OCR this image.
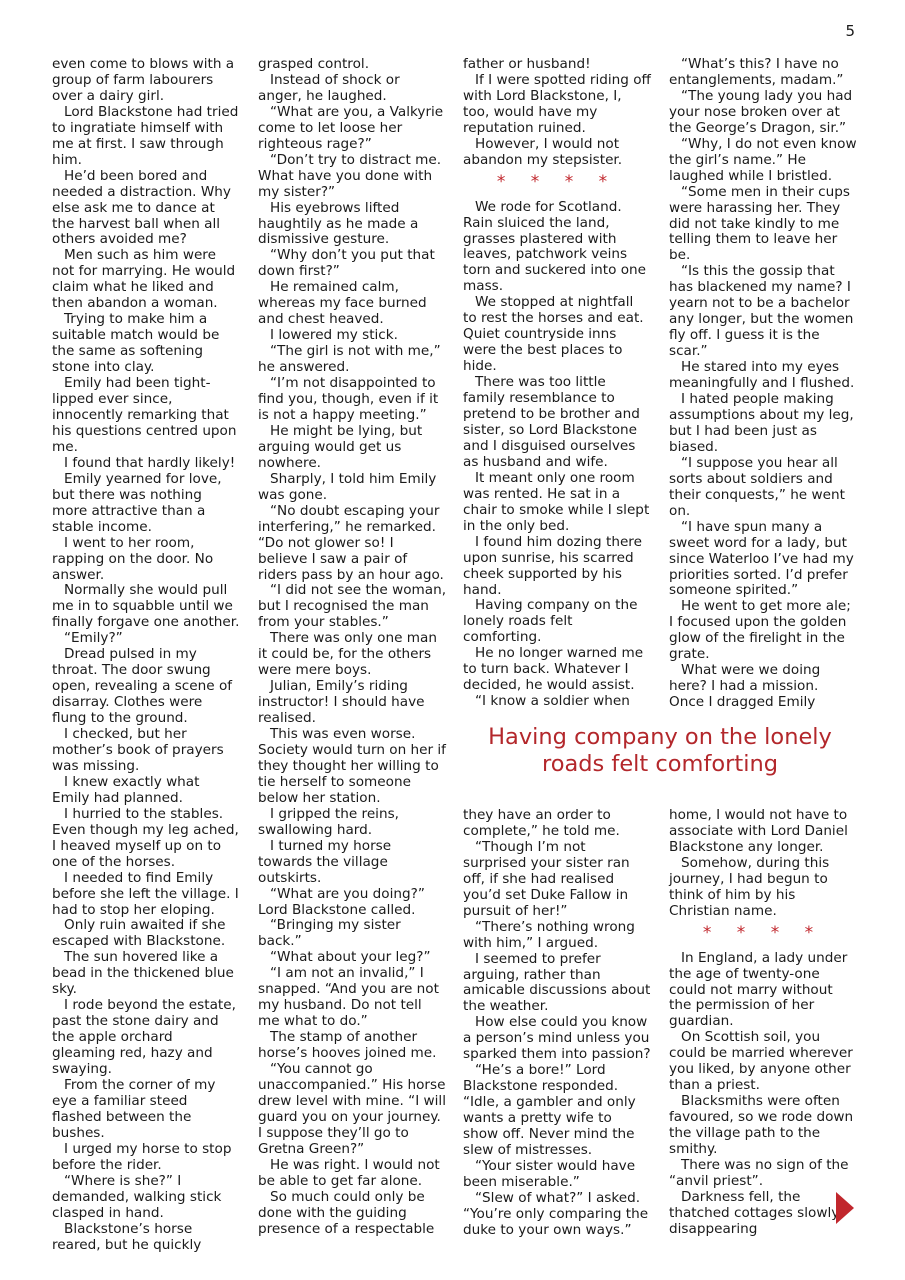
5

even come to blows with a group of farm labourers over a dairy girl.

Lord Blackstone had tried to ingratiate himself with me at first. I saw through him.

He’d been bored and needed a distraction. Why else ask me to dance at the harvest ball when all others avoided me?

Men such as him were not for marrying. He would claim what he liked and then abandon a woman.

Trying to make him a suitable match would be the same as softening stone into clay.

Emily had been tight-lipped ever since, innocently remarking that his questions centred upon me.

I found that hardly likely!

Emily yearned for love, but there was nothing more attractive than a stable income.

I went to her room, rapping on the door. No answer.

Normally she would pull me in to squabble until we finally forgave one another.

“Emily?”

Dread pulsed in my throat. The door swung open, revealing a scene of disarray. Clothes were flung to the ground.

I checked, but her mother’s book of prayers was missing.

I knew exactly what Emily had planned.

I hurried to the stables. Even though my leg ached, I heaved myself up on to one of the horses.

I needed to find Emily before she left the village. I had to stop her eloping.

Only ruin awaited if she escaped with Blackstone.

The sun hovered like a bead in the thickened blue sky.

I rode beyond the estate, past the stone dairy and the apple orchard gleaming red, hazy and swaying.

From the corner of my eye a familiar steed flashed between the bushes.

I urged my horse to stop before the rider.

“Where is she?” I demanded, walking stick clasped in hand.

Blackstone’s horse reared, but he quickly

grasped control.

Instead of shock or anger, he laughed.

“What are you, a Valkyrie come to let loose her righteous rage?”

“Don’t try to distract me. What have you done with my sister?”

His eyebrows lifted haughtily as he made a dismissive gesture.

“Why don’t you put that down first?”

He remained calm, whereas my face burned and chest heaved.

I lowered my stick.

“The girl is not with me,” he answered.

“I’m not disappointed to find you, though, even if it is not a happy meeting.”

He might be lying, but arguing would get us nowhere.

Sharply, I told him Emily was gone.

“No doubt escaping your interfering,” he remarked. “Do not glower so! I believe I saw a pair of riders pass by an hour ago.

“I did not see the woman, but I recognised the man from your stables.”

There was only one man it could be, for the others were mere boys.

Julian, Emily’s riding instructor! I should have realised.

This was even worse. Society would turn on her if they thought her willing to tie herself to someone below her station.

I gripped the reins, swallowing hard.

I turned my horse towards the village outskirts.

“What are you doing?” Lord Blackstone called.

“Bringing my sister back.”

“What about your leg?”

“I am not an invalid,” I snapped. “And you are not my husband. Do not tell me what to do.”

The stamp of another horse’s hooves joined me.

“You cannot go unaccompanied.” His horse drew level with mine. “I will guard you on your journey. I suppose they’ll go to Gretna Green?”

He was right. I would not be able to get far alone.

So much could only be done with the guiding presence of a respectable

father or husband!

If I were spotted riding off with Lord Blackstone, I, too, would have my reputation ruined.

However, I would not abandon my stepsister.

* * * *

We rode for Scotland. Rain sluiced the land, grasses plastered with leaves, patchwork veins torn and suckered into one mass.

We stopped at nightfall to rest the horses and eat. Quiet countryside inns were the best places to hide.

There was too little family resemblance to pretend to be brother and sister, so Lord Blackstone and I disguised ourselves as husband and wife.

It meant only one room was rented. He sat in a chair to smoke while I slept in the only bed.

I found him dozing there upon sunrise, his scarred cheek supported by his hand.

Having company on the lonely roads felt comforting.

He no longer warned me to turn back. Whatever I decided, he would assist.

“I know a soldier when

“What’s this? I have no entanglements, madam.”

“The young lady you had your nose broken over at the George’s Dragon, sir.”

“Why, I do not even know the girl’s name.” He laughed while I bristled.

“Some men in their cups were harassing her. They did not take kindly to me telling them to leave her be.

“Is this the gossip that has blackened my name? I yearn not to be a bachelor any longer, but the women fly off. I guess it is the scar.”

He stared into my eyes meaningfully and I flushed.

I hated people making assumptions about my leg, but I had been just as biased.

“I suppose you hear all sorts about soldiers and their conquests,” he went on.

“I have spun many a sweet word for a lady, but since Waterloo I’ve had my priorities sorted. I’d prefer someone spirited.”

He went to get more ale; I focused upon the golden glow of the firelight in the grate.

What were we doing here? I had a mission. Once I dragged Emily

Having company on the lonely roads felt comforting

they have an order to complete,” he told me.

“Though I’m not surprised your sister ran off, if she had realised you’d set Duke Fallow in pursuit of her!”

“There’s nothing wrong with him,” I argued.

I seemed to prefer arguing, rather than amicable discussions about the weather.

How else could you know a person’s mind unless you sparked them into passion?

“He’s a bore!” Lord Blackstone responded. “Idle, a gambler and only wants a pretty wife to show off. Never mind the slew of mistresses.

“Your sister would have been miserable.”

“Slew of what?” I asked. “You’re only comparing the duke to your own ways.”

home, I would not have to associate with Lord Daniel Blackstone any longer.

Somehow, during this journey, I had begun to think of him by his Christian name.

* * * *

In England, a lady under the age of twenty-one could not marry without the permission of her guardian.

On Scottish soil, you could be married wherever you liked, by anyone other than a priest.

Blacksmiths were often favoured, so we rode down the village path to the smithy.

There was no sign of the “anvil priest”.

Darkness fell, the thatched cottages slowly disappearing
